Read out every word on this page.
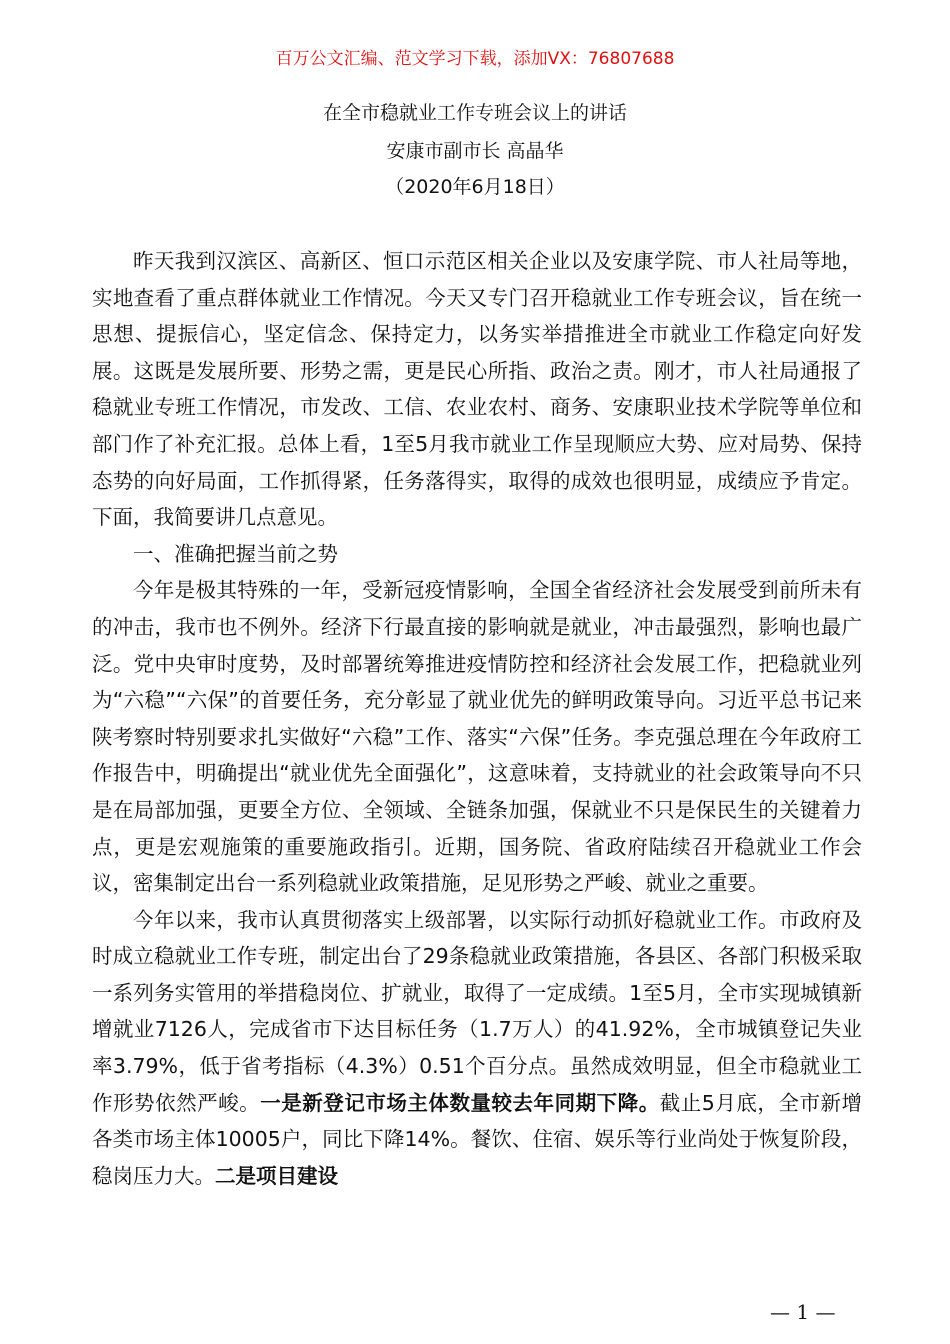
百万公文汇编、范文学习下载，添加VX：76807688
在全市稳就业工作专班会议上的讲话
安康市副市长 高晶华
（2020年6月18日）

昨天我到汉滨区、高新区、恒口示范区相关企业以及安康学院、市人社局等地，实地查看了重点群体就业工作情况。今天又专门召开稳就业工作专班会议，旨在统一思想、提振信心，坚定信念、保持定力，以务实举措推进全市就业工作稳定向好发展。这既是发展所要、形势之需，更是民心所指、政治之责。刚才，市人社局通报了稳就业专班工作情况，市发改、工信、农业农村、商务、安康职业技术学院等单位和部门作了补充汇报。总体上看，1至5月我市就业工作呈现顺应大势、应对局势、保持态势的向好局面，工作抓得紧，任务落得实，取得的成效也很明显，成绩应予肯定。下面，我简要讲几点意见。

一、准确把握当前之势

今年是极其特殊的一年，受新冠疫情影响，全国全省经济社会发展受到前所未有的冲击，我市也不例外。经济下行最直接的影响就是就业，冲击最强烈，影响也最广泛。党中央审时度势，及时部署统筹推进疫情防控和经济社会发展工作，把稳就业列为“六稳”“六保”的首要任务，充分彰显了就业优先的鲜明政策导向。习近平总书记来陕考察时特别要求扎实做好“六稳”工作、落实“六保”任务。李克强总理在今年政府工作报告中，明确提出“就业优先全面强化”，这意味着，支持就业的社会政策导向不只是在局部加强，更要全方位、全领域、全链条加强，保就业不只是保民生的关键着力点，更是宏观施策的重要施政指引。近期，国务院、省政府陆续召开稳就业工作会议，密集制定出台一系列稳就业政策措施，足见形势之严峻、就业之重要。

今年以来，我市认真贯彻落实上级部署，以实际行动抓好稳就业工作。市政府及时成立稳就业工作专班，制定出台了29条稳就业政策措施，各县区、各部门积极采取一系列务实管用的举措稳岗位、扩就业，取得了一定成绩。1至5月，全市实现城镇新增就业7126人，完成省市下达目标任务（1.7万人）的41.92%，全市城镇登记失业率3.79%，低于省考指标（4.3%）0.51个百分点。虽然成效明显，但全市稳就业工作形势依然严峻。一是新登记市场主体数量较去年同期下降。截止5月底，全市新增各类市场主体10005户，同比下降14%。餐饮、住宿、娱乐等行业尚处于恢复阶段，稳岗压力大。二是项目建设

— 1 —
